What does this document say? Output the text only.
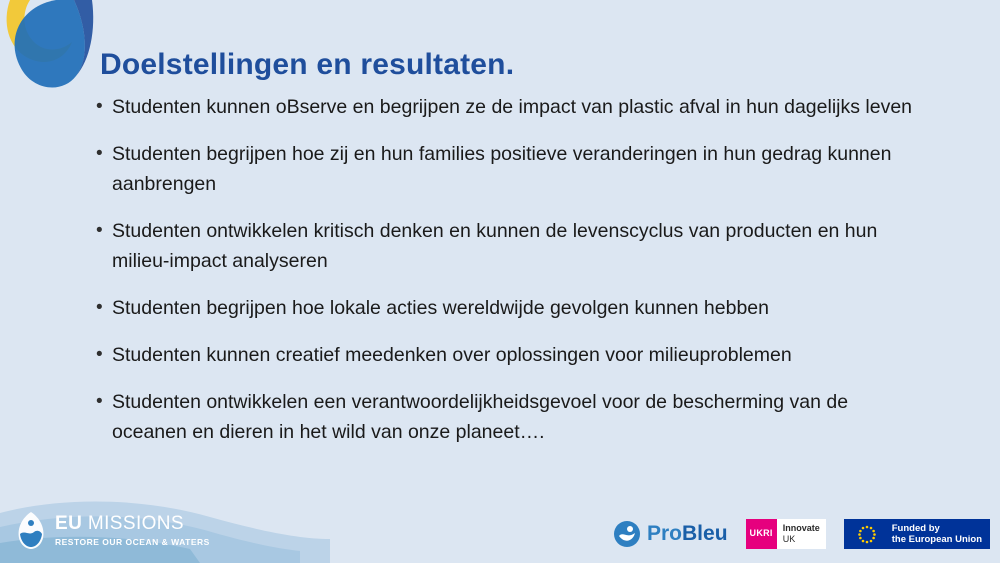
Doelstellingen en resultaten.
• Studenten kunnen oBserve en begrijpen ze de impact van plastic afval in hun dagelijks leven
• Studenten begrijpen hoe zij en hun families positieve veranderingen in hun gedrag kunnen aanbrengen
• Studenten ontwikkelen kritisch denken en kunnen de levenscyclus van producten en hun milieu-impact analyseren
• Studenten begrijpen hoe lokale acties wereldwijde gevolgen kunnen hebben
• Studenten kunnen creatief meedenken over oplossingen voor milieuproblemen
• Studenten ontwikkelen een verantwoordelijkheidsgevoel voor de bescherming van de oceanen en dieren in het wild van onze planeet….
EU MISSIONS
RESTORE OUR OCEAN & WATERS	ProBleu UKRI
Innovate
UK
Funded by
the European Union
